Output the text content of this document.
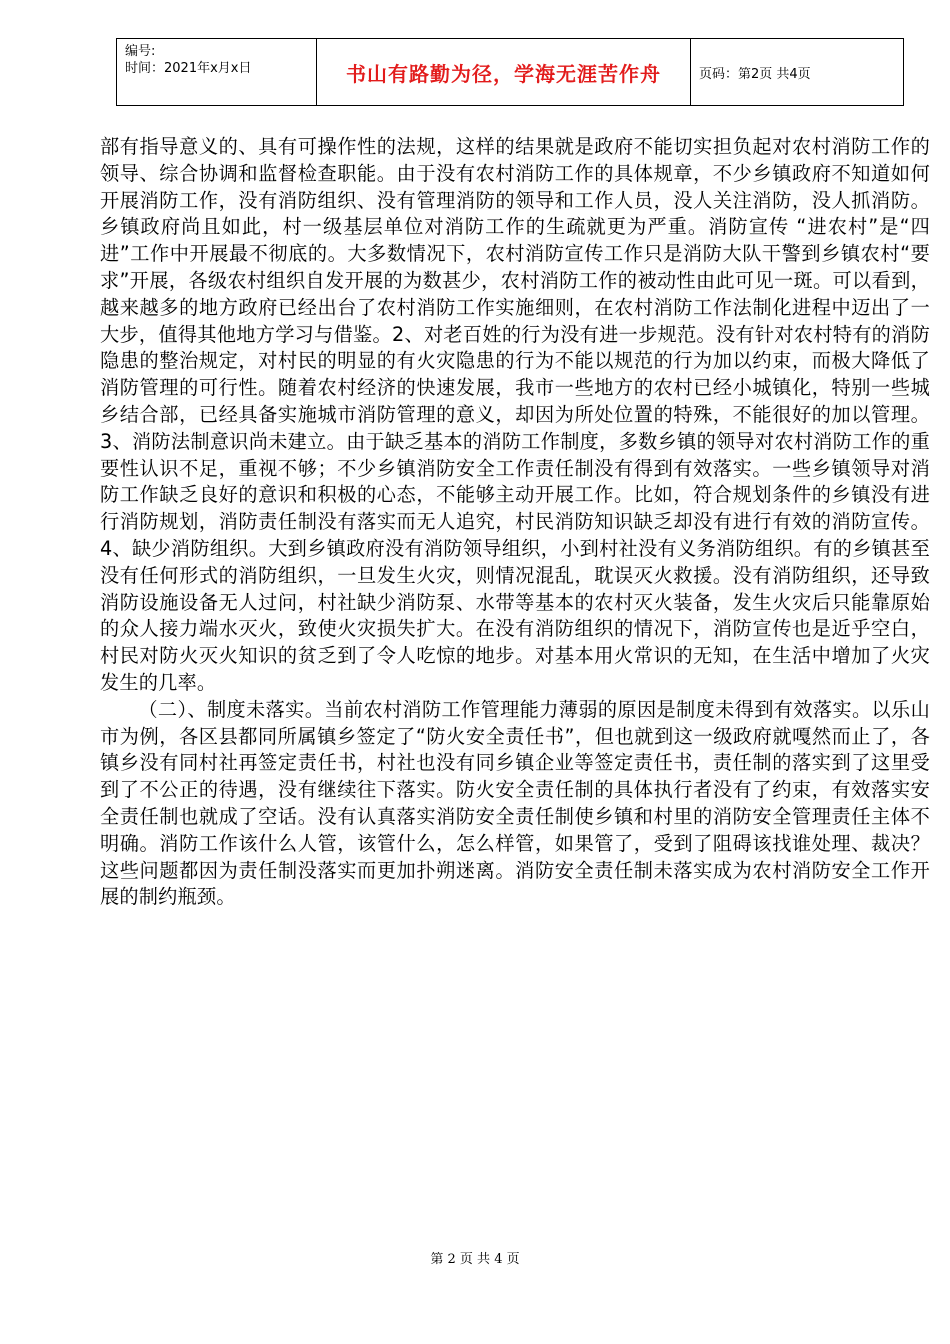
编号:
时间：2021年x月x日	书山有路勤为径，学海无涯苦作舟	页码：第2页 共4页

部有指导意义的、具有可操作性的法规，这样的结果就是政府不能切实担负起对农村消防工作的领导、综合协调和监督检查职能。由于没有农村消防工作的具体规章，不少乡镇政府不知道如何开展消防工作，没有消防组织、没有管理消防的领导和工作人员，没人关注消防，没人抓消防。乡镇政府尚且如此，村一级基层单位对消防工作的生疏就更为严重。消防宣传 “进农村”是“四进”工作中开展最不彻底的。大多数情况下，农村消防宣传工作只是消防大队干警到乡镇农村“要求”开展，各级农村组织自发开展的为数甚少，农村消防工作的被动性由此可见一斑。可以看到，越来越多的地方政府已经出台了农村消防工作实施细则，在农村消防工作法制化进程中迈出了一大步，值得其他地方学习与借鉴。2、对老百姓的行为没有进一步规范。没有针对农村特有的消防隐患的整治规定，对村民的明显的有火灾隐患的行为不能以规范的行为加以约束，而极大降低了消防管理的可行性。随着农村经济的快速发展，我市一些地方的农村已经小城镇化，特别一些城乡结合部，已经具备实施城市消防管理的意义，却因为所处位置的特殊，不能很好的加以管理。3、消防法制意识尚未建立。由于缺乏基本的消防工作制度，多数乡镇的领导对农村消防工作的重要性认识不足，重视不够；不少乡镇消防安全工作责任制没有得到有效落实。一些乡镇领导对消防工作缺乏良好的意识和积极的心态，不能够主动开展工作。比如，符合规划条件的乡镇没有进行消防规划，消防责任制没有落实而无人追究，村民消防知识缺乏却没有进行有效的消防宣传。4、缺少消防组织。大到乡镇政府没有消防领导组织，小到村社没有义务消防组织。有的乡镇甚至没有任何形式的消防组织，一旦发生火灾，则情况混乱，耽误灭火救援。没有消防组织，还导致消防设施设备无人过问，村社缺少消防泵、水带等基本的农村灭火装备，发生火灾后只能靠原始的众人接力端水灭火，致使火灾损失扩大。在没有消防组织的情况下，消防宣传也是近乎空白，村民对防火灭火知识的贫乏到了令人吃惊的地步。对基本用火常识的无知，在生活中增加了火灾发生的几率。

（二）、制度未落实。当前农村消防工作管理能力薄弱的原因是制度未得到有效落实。以乐山市为例，各区县都同所属镇乡签定了“防火安全责任书”，但也就到这一级政府就嘎然而止了，各镇乡没有同村社再签定责任书，村社也没有同乡镇企业等签定责任书，责任制的落实到了这里受到了不公正的待遇，没有继续往下落实。防火安全责任制的具体执行者没有了约束，有效落实安全责任制也就成了空话。没有认真落实消防安全责任制使乡镇和村里的消防安全管理责任主体不明确。消防工作该什么人管，该管什么，怎么样管，如果管了，受到了阻碍该找谁处理、裁决？这些问题都因为责任制没落实而更加扑朔迷离。消防安全责任制未落实成为农村消防安全工作开展的制约瓶颈。

第 2 页 共 4 页
